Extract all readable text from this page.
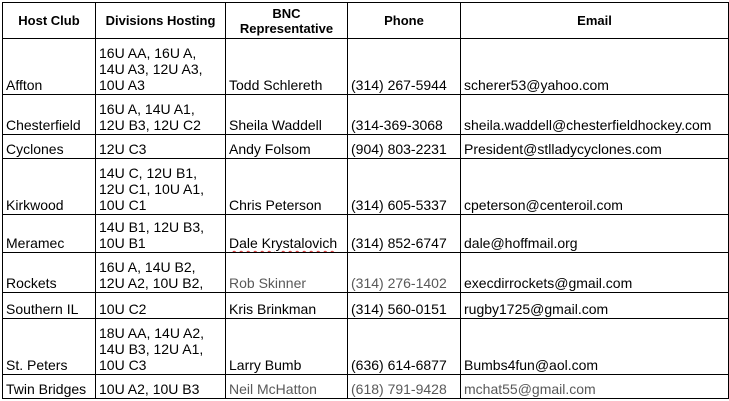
Host Club	Divisions Hosting	BNC
Representative	Phone	Email
Affton	16U AA, 16U A,
14U A3, 12U A3,
10U A3	Todd Schlereth	(314) 267-5944	scherer53@yahoo.com
Chesterfield	16U A, 14U A1,
12U B3, 12U C2	Sheila Waddell	(314-369-3068	sheila.waddell@chesterfieldhockey.com
Cyclones	12U C3	Andy Folsom	(904) 803-2231	President@stlladycyclones.com
Kirkwood	14U C, 12U B1,
12U C1, 10U A1,
10U C1	Chris Peterson	(314) 605-5337	cpeterson@centeroil.com
Meramec	14U B1, 12U B3,
10U B1	Dale Krystalovich	(314) 852-6747	dale@hoffmail.org
Rockets	16U A, 14U B2,
12U A2, 10U B2,	Rob Skinner	(314) 276-1402	execdirrockets@gmail.com
Southern IL	10U C2	Kris Brinkman	(314) 560-0151	rugby1725@gmail.com
St. Peters	18U AA, 14U A2,
14U B3, 12U A1,
10U C3	Larry Bumb	(636) 614-6877	Bumbs4fun@aol.com
Twin Bridges	10U A2, 10U B3	Neil McHatton	(618) 791-9428	mchat55@gmail.com
